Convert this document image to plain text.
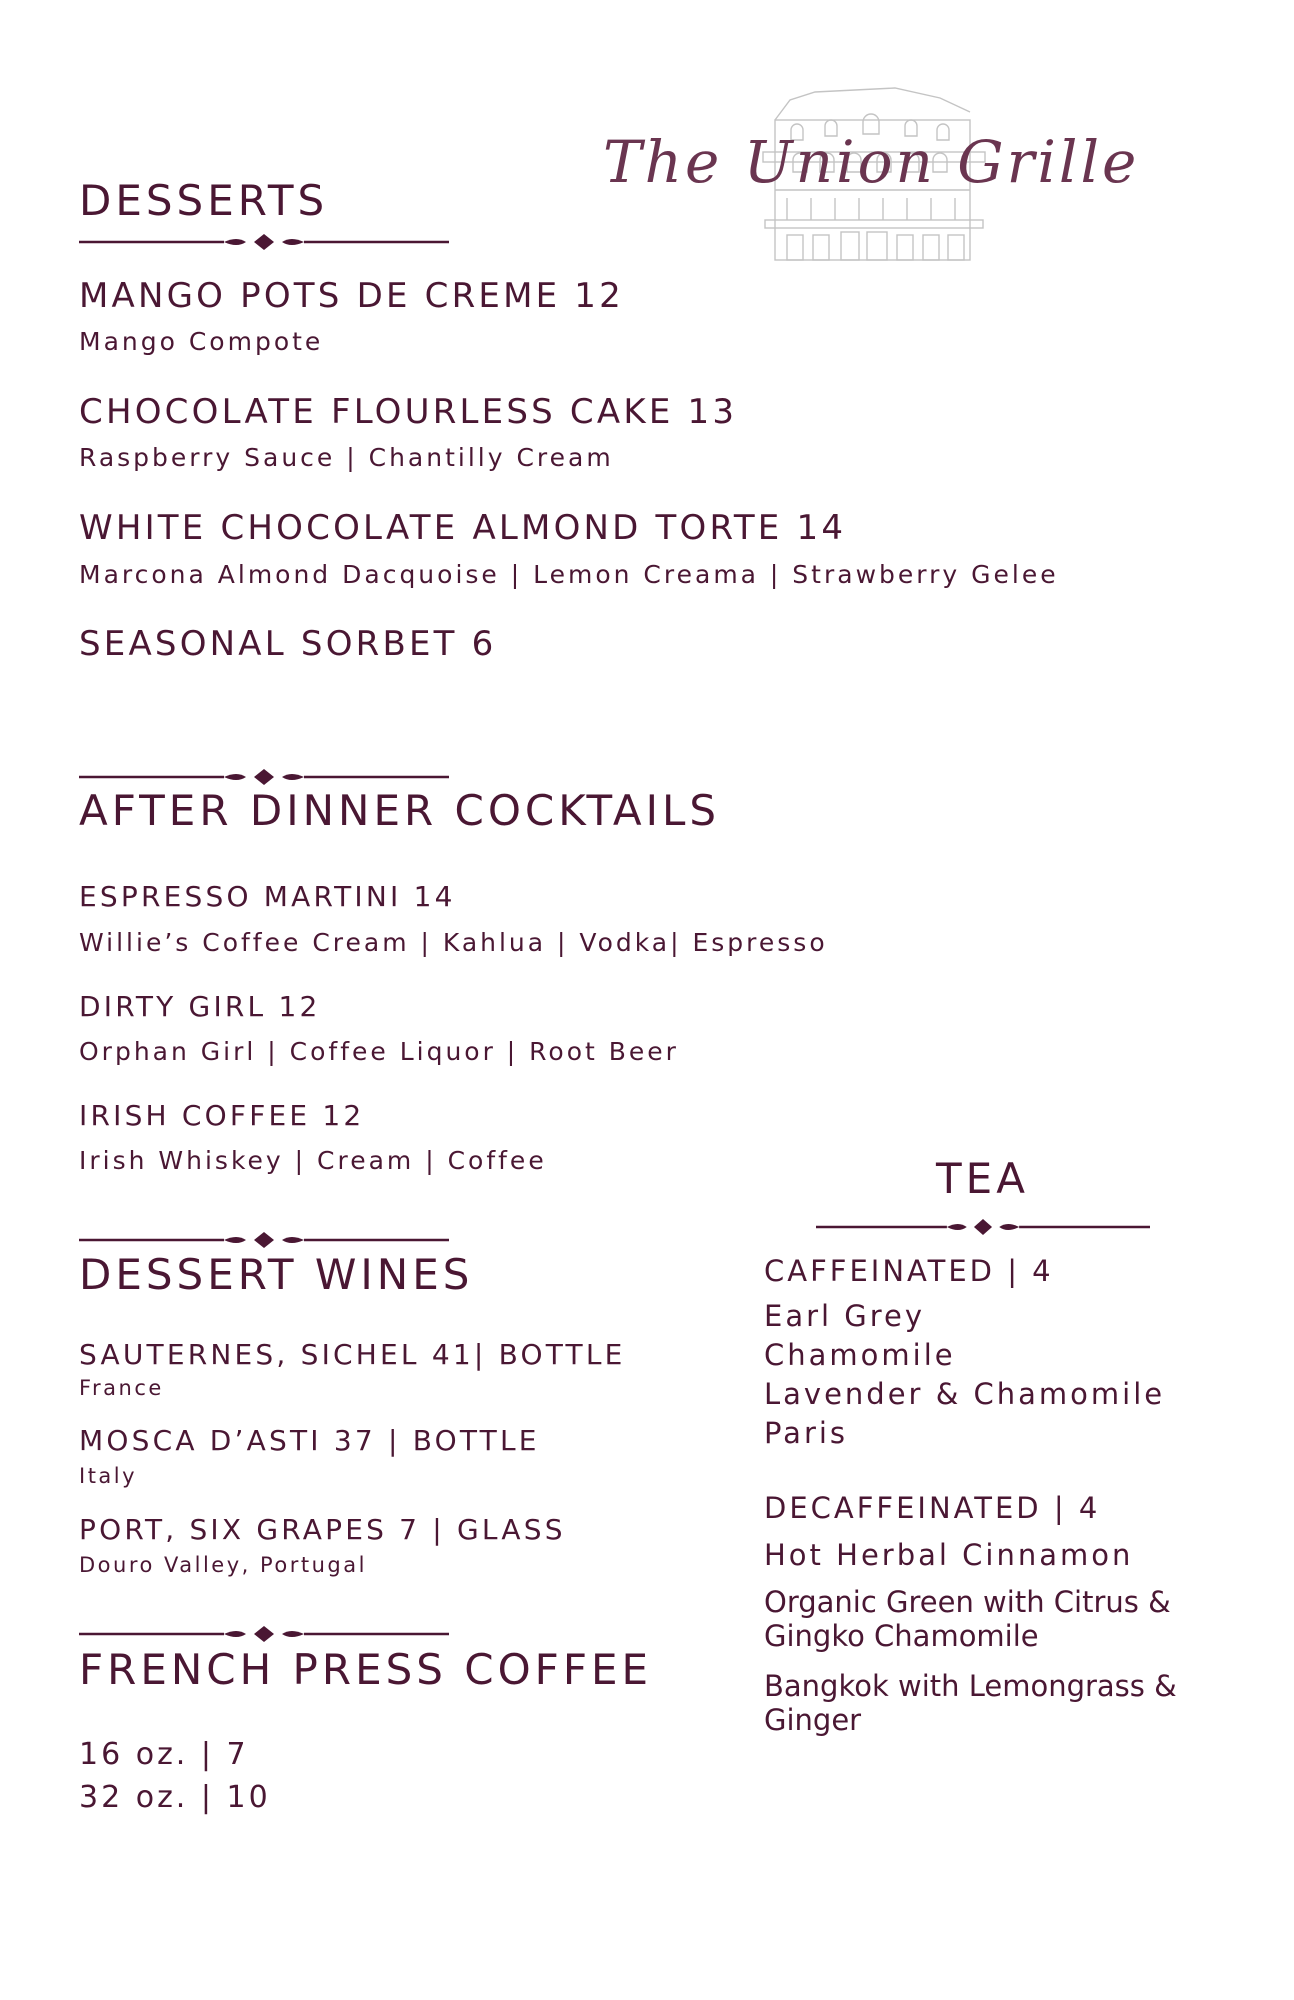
The Union Grille
DESSERTS
MANGO POTS DE CREME 12
Mango Compote
CHOCOLATE FLOURLESS CAKE 13
Raspberry Sauce | Chantilly Cream
WHITE CHOCOLATE ALMOND TORTE 14
Marcona Almond Dacquoise | Lemon Creama | Strawberry Gelee
SEASONAL SORBET 6
AFTER DINNER COCKTAILS
ESPRESSO MARTINI 14
Willie’s Coffee Cream | Kahlua | Vodka| Espresso
DIRTY GIRL 12
Orphan Girl | Coffee Liquor | Root Beer
IRISH COFFEE 12
Irish Whiskey | Cream | Coffee
DESSERT WINES
SAUTERNES, SICHEL 41| BOTTLE
France
MOSCA D’ASTI 37 | BOTTLE
Italy
PORT, SIX GRAPES 7 | GLASS
Douro Valley, Portugal
FRENCH PRESS COFFEE
16 oz. | 7
32 oz. | 10
TEA
CAFFEINATED | 4
Earl Grey
Chamomile
Lavender & Chamomile
Paris
DECAFFEINATED | 4
Hot Herbal Cinnamon
Organic Green with Citrus & Gingko Chamomile
Bangkok with Lemongrass & Ginger
